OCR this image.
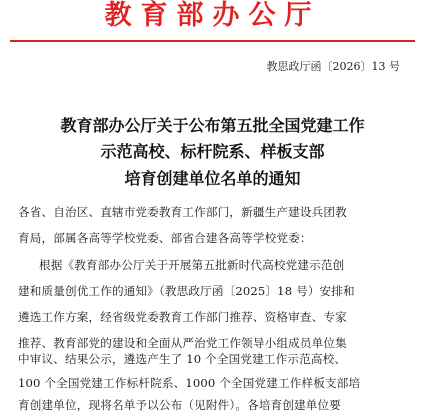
教育部办公厅
教思政厅函〔2026〕13 号
教育部办公厅关于公布第五批全国党建工作
示范高校、标杆院系、样板支部
培育创建单位名单的通知
各省、自治区、直辖市党委教育工作部门，新疆生产建设兵团教
育局，部属各高等学校党委、部省合建各高等学校党委：
根据《教育部办公厅关于开展第五批新时代高校党建示范创
建和质量创优工作的通知》（教思政厅函〔2025〕18 号）安排和
遴选工作方案，经省级党委教育工作部门推荐、资格审查、专家
推荐、教育部党的建设和全面从严治党工作领导小组成员单位集
中审议、结果公示，遴选产生了 10 个全国党建工作示范高校、
100 个全国党建工作标杆院系、1000 个全国党建工作样板支部培
育创建单位，现将名单予以公布（见附件）。各培育创建单位要
